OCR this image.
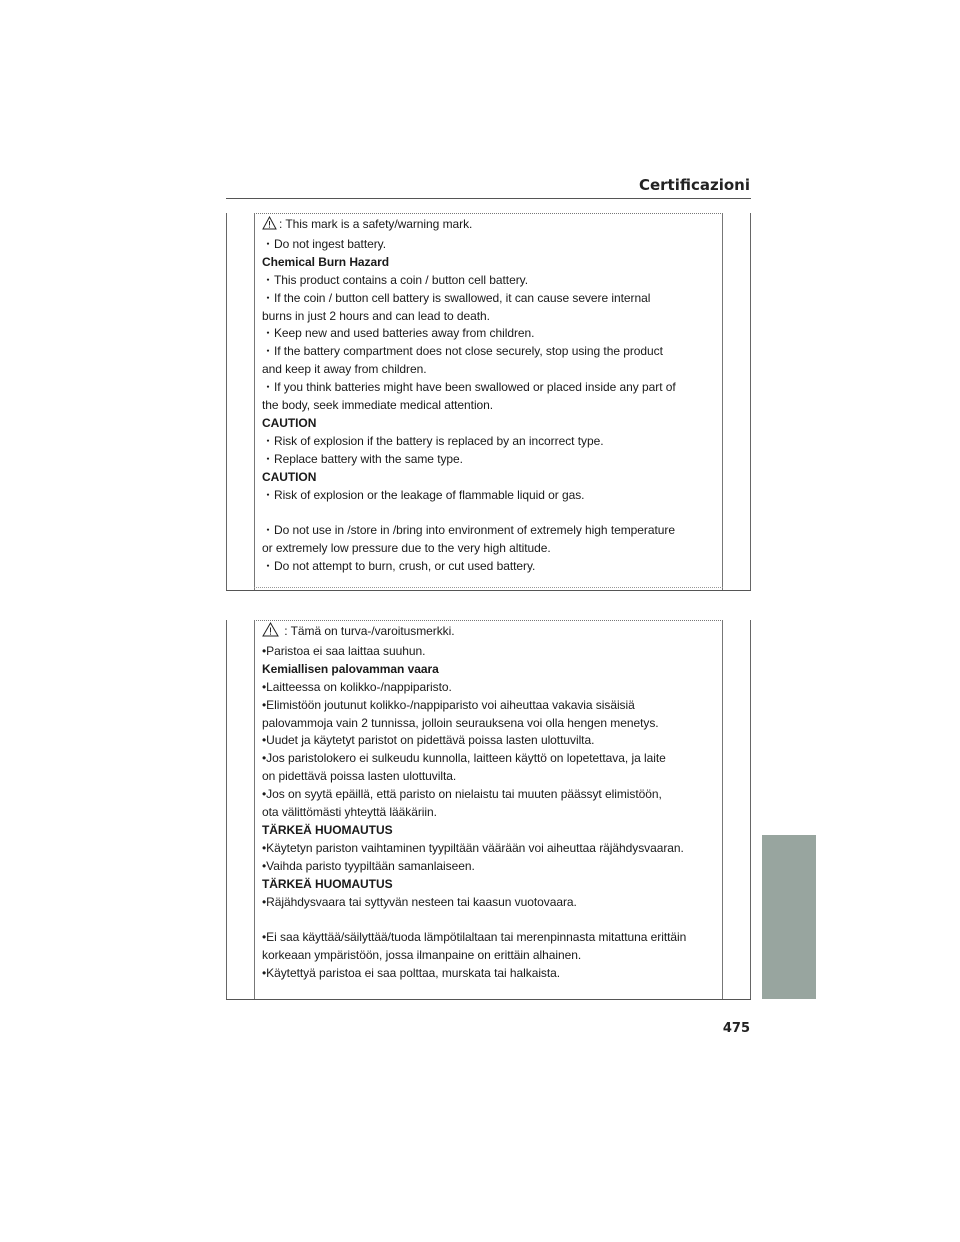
Certificazioni
: This mark is a safety/warning mark.
・Do not ingest battery.
Chemical Burn Hazard
・This product contains a coin / button cell battery.
・If the coin / button cell battery is swallowed, it can cause severe internal
burns in just 2 hours and can lead to death.
・Keep new and used batteries away from children.
・If the battery compartment does not close securely, stop using the product
and keep it away from children.
・If you think batteries might have been swallowed or placed inside any part of
the body, seek immediate medical attention.
CAUTION
・Risk of explosion if the battery is replaced by an incorrect type.
・Replace battery with the same type.
CAUTION
・Risk of explosion or the leakage of flammable liquid or gas.
・Do not use in /store in /bring into environment of extremely high temperature
or extremely low pressure due to the very high altitude.
・Do not attempt to burn, crush, or cut used battery.
: Tämä on turva-/varoitusmerkki.
•Paristoa ei saa laittaa suuhun.
Kemiallisen palovamman vaara
•Laitteessa on kolikko-/nappiparisto.
•Elimistöön joutunut kolikko-/nappiparisto voi aiheuttaa vakavia sisäisiä
palovammoja vain 2 tunnissa, jolloin seurauksena voi olla hengen menetys.
•Uudet ja käytetyt paristot on pidettävä poissa lasten ulottuvilta.
•Jos paristolokero ei sulkeudu kunnolla, laitteen käyttö on lopetettava, ja laite
on pidettävä poissa lasten ulottuvilta.
•Jos on syytä epäillä, että paristo on nielaistu tai muuten päässyt elimistöön,
ota välittömästi yhteyttä lääkäriin.
TÄRKEÄ HUOMAUTUS
•Käytetyn pariston vaihtaminen tyypiltään väärään voi aiheuttaa räjähdysvaaran.
•Vaihda paristo tyypiltään samanlaiseen.
TÄRKEÄ HUOMAUTUS
•Räjähdysvaara tai syttyvän nesteen tai kaasun vuotovaara.
•Ei saa käyttää/säilyttää/tuoda lämpötilaltaan tai merenpinnasta mitattuna erittäin
korkeaan ympäristöön, jossa ilmanpaine on erittäin alhainen.
•Käytettyä paristoa ei saa polttaa, murskata tai halkaista.
475
